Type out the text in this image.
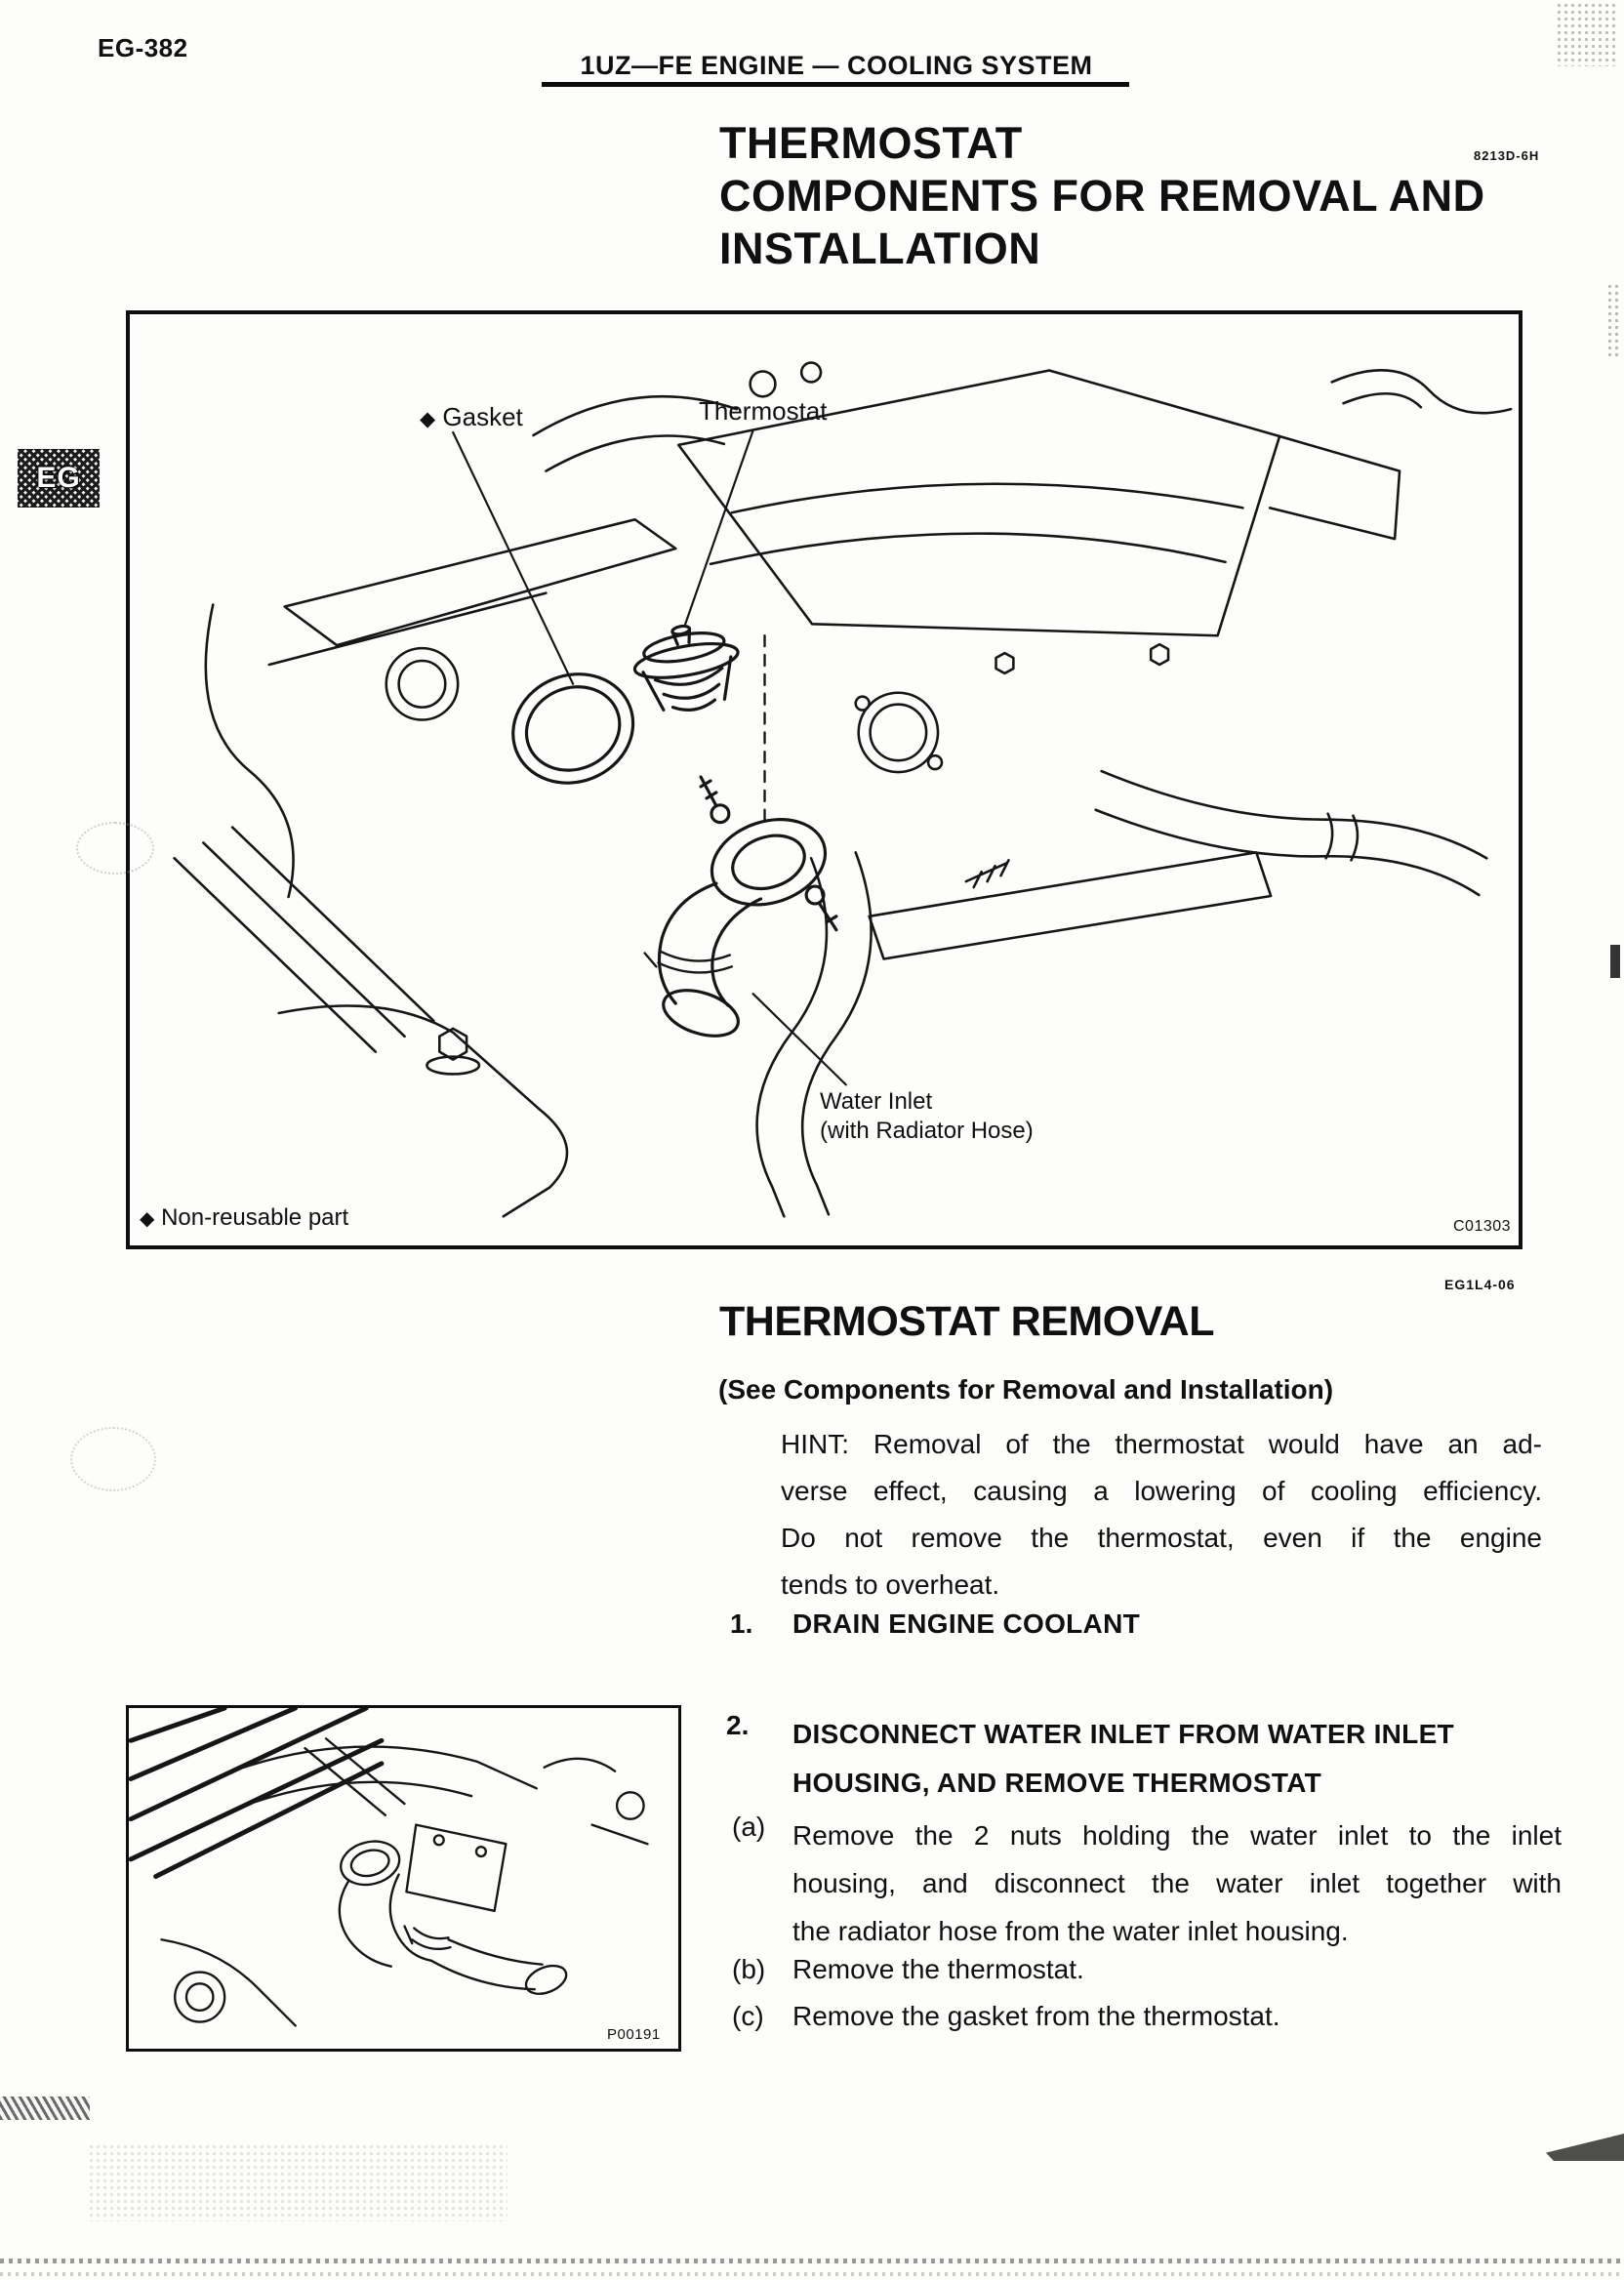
EG-382
1UZ—FE ENGINE — COOLING SYSTEM
THERMOSTAT
COMPONENTS FOR REMOVAL AND
INSTALLATION
8213D-6H
EG
◆ Gasket	Thermostat
Water Inlet
(with Radiator Hose)
◆ Non-reusable part	C01303
THERMOSTAT REMOVAL
EG1L4-06
(See Components for Removal and Installation)
HINT: Removal of the thermostat would have an ad-
verse effect, causing a lowering of cooling efficiency.
Do not remove the thermostat, even if the engine
tends to overheat.
1. DRAIN ENGINE COOLANT
P00191
2. DISCONNECT WATER INLET FROM WATER INLET
HOUSING, AND REMOVE THERMOSTAT
(a) Remove the 2 nuts holding the water inlet to the inlet
housing, and disconnect the water inlet together with
the radiator hose from the water inlet housing.
(b) Remove the thermostat.
(c) Remove the gasket from the thermostat.
